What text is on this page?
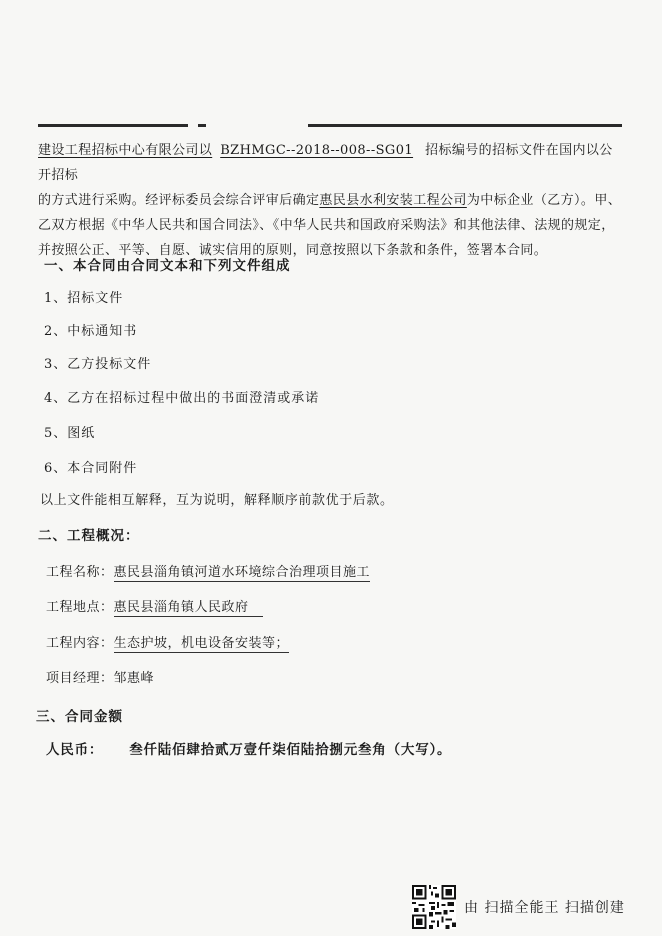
建设工程招标中心有限公司以 BZHMGC--2018--008--SG01 招标编号的招标文件在国内以公开招标
的方式进行采购。经评标委员会综合评审后确定惠民县水利安装工程公司为中标企业（乙方）。甲、
乙双方根据《中华人民共和国合同法》、《中华人民共和国政府采购法》和其他法律、法规的规定，
并按照公正、平等、自愿、诚实信用的原则，同意按照以下条款和条件，签署本合同。
一、本合同由合同文本和下列文件组成
1、招标文件
2、中标通知书
3、乙方投标文件
4、乙方在招标过程中做出的书面澄清或承诺
5、图纸
6、本合同附件
以上文件能相互解释，互为说明，解释顺序前款优于后款。
二、工程概况：
工程名称：惠民县淄角镇河道水环境综合治理项目施工
工程地点：惠民县淄角镇人民政府
工程内容：生态护坡，机电设备安装等；
项目经理：邹惠峰
三、合同金额
人民币： 叁仟陆佰肆拾贰万壹仟柒佰陆拾捌元叁角（大写）。
由 扫描全能王 扫描创建
